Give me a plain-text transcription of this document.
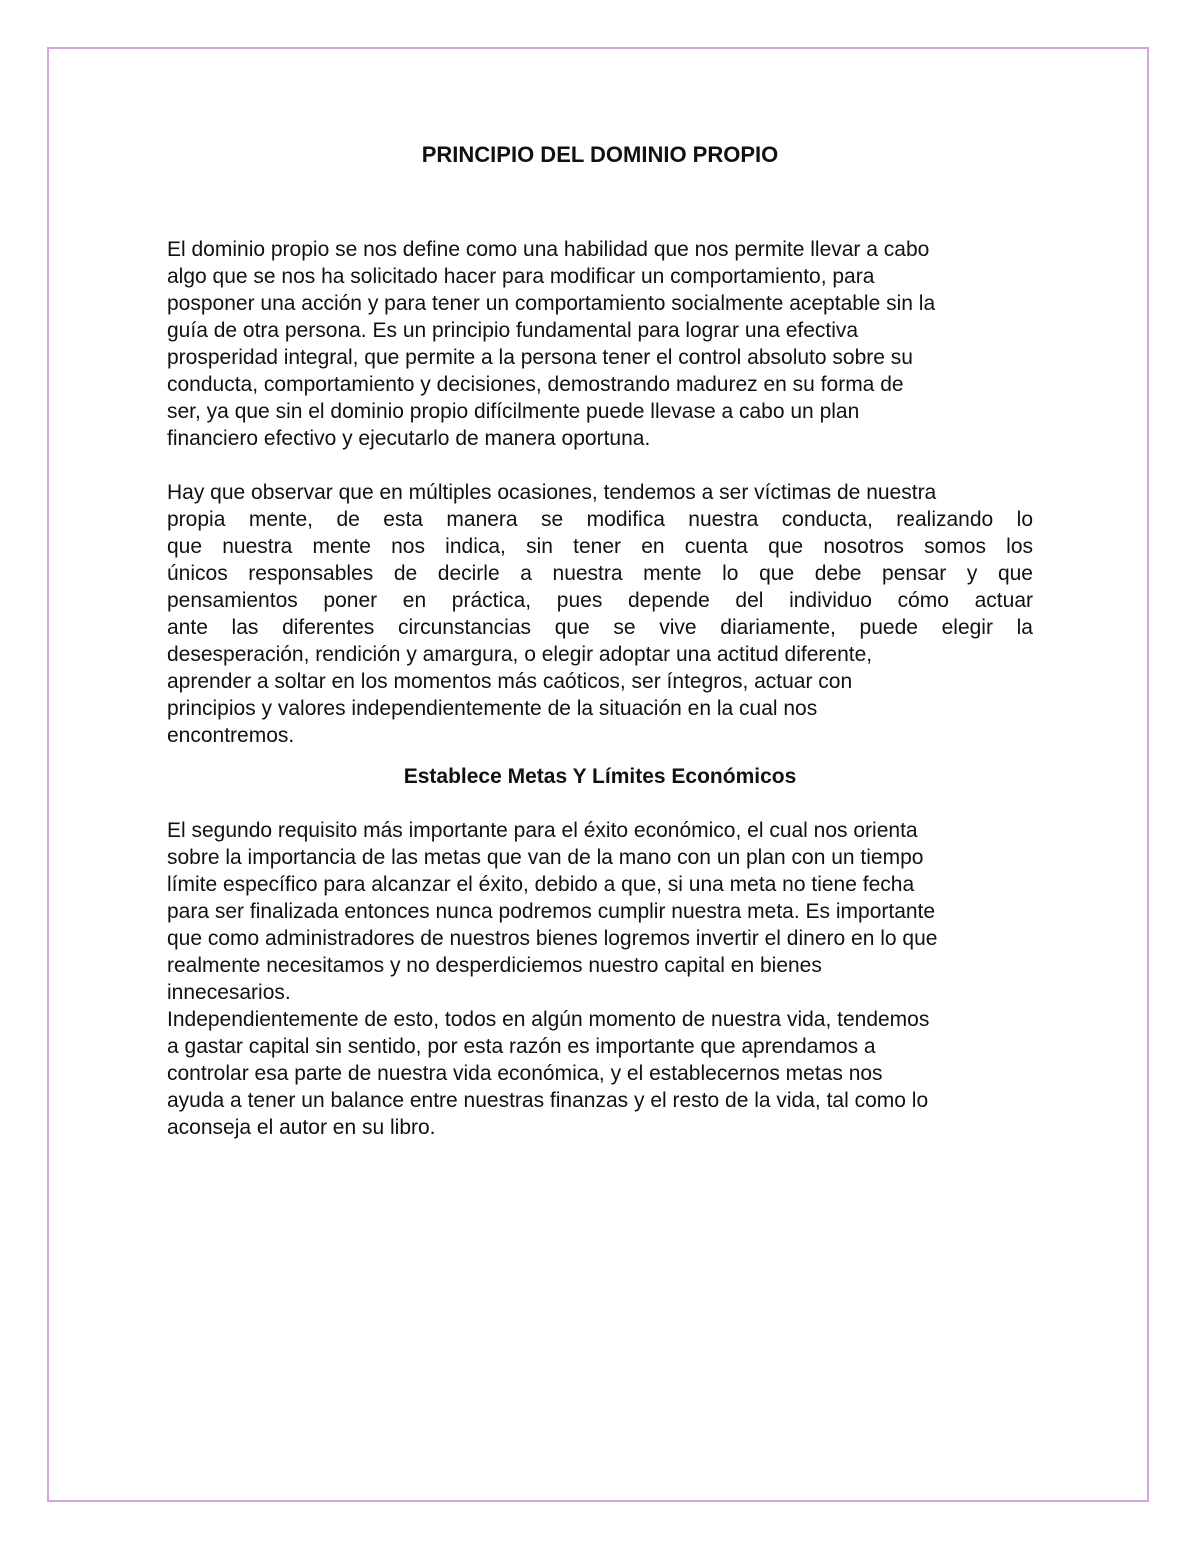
PRINCIPIO DEL DOMINIO PROPIO
El dominio propio se nos define como una habilidad que nos permite llevar a cabo
algo que se nos ha solicitado hacer para modificar un comportamiento, para
posponer una acción y para tener un comportamiento socialmente aceptable sin la
guía de otra persona. Es un principio fundamental para lograr una efectiva
prosperidad integral, que permite a la persona tener el control absoluto sobre su
conducta, comportamiento y decisiones, demostrando madurez en su forma de
ser, ya que sin el dominio propio difícilmente puede llevase a cabo un plan
financiero efectivo y ejecutarlo de manera oportuna.
Hay que observar que en múltiples ocasiones, tendemos a ser víctimas de nuestra
propia mente, de esta manera se modifica nuestra conducta, realizando lo
que nuestra mente nos indica, sin tener en cuenta que nosotros somos los
únicos responsables de decirle a nuestra mente lo que debe pensar y que
pensamientos poner en práctica, pues depende del individuo cómo actuar
ante las diferentes circunstancias que se vive diariamente, puede elegir la
desesperación, rendición y amargura, o elegir adoptar una actitud diferente,
aprender a soltar en los momentos más caóticos, ser íntegros, actuar con
principios y valores independientemente de la situación en la cual nos
encontremos.
Establece Metas Y Límites Económicos
El segundo requisito más importante para el éxito económico, el cual nos orienta
sobre la importancia de las metas que van de la mano con un plan con un tiempo
límite específico para alcanzar el éxito, debido a que, si una meta no tiene fecha
para ser finalizada entonces nunca podremos cumplir nuestra meta. Es importante
que como administradores de nuestros bienes logremos invertir el dinero en lo que
realmente necesitamos y no desperdiciemos nuestro capital en bienes
innecesarios.
Independientemente de esto, todos en algún momento de nuestra vida, tendemos
a gastar capital sin sentido, por esta razón es importante que aprendamos a
controlar esa parte de nuestra vida económica, y el establecernos metas nos
ayuda a tener un balance entre nuestras finanzas y el resto de la vida, tal como lo
aconseja el autor en su libro.
